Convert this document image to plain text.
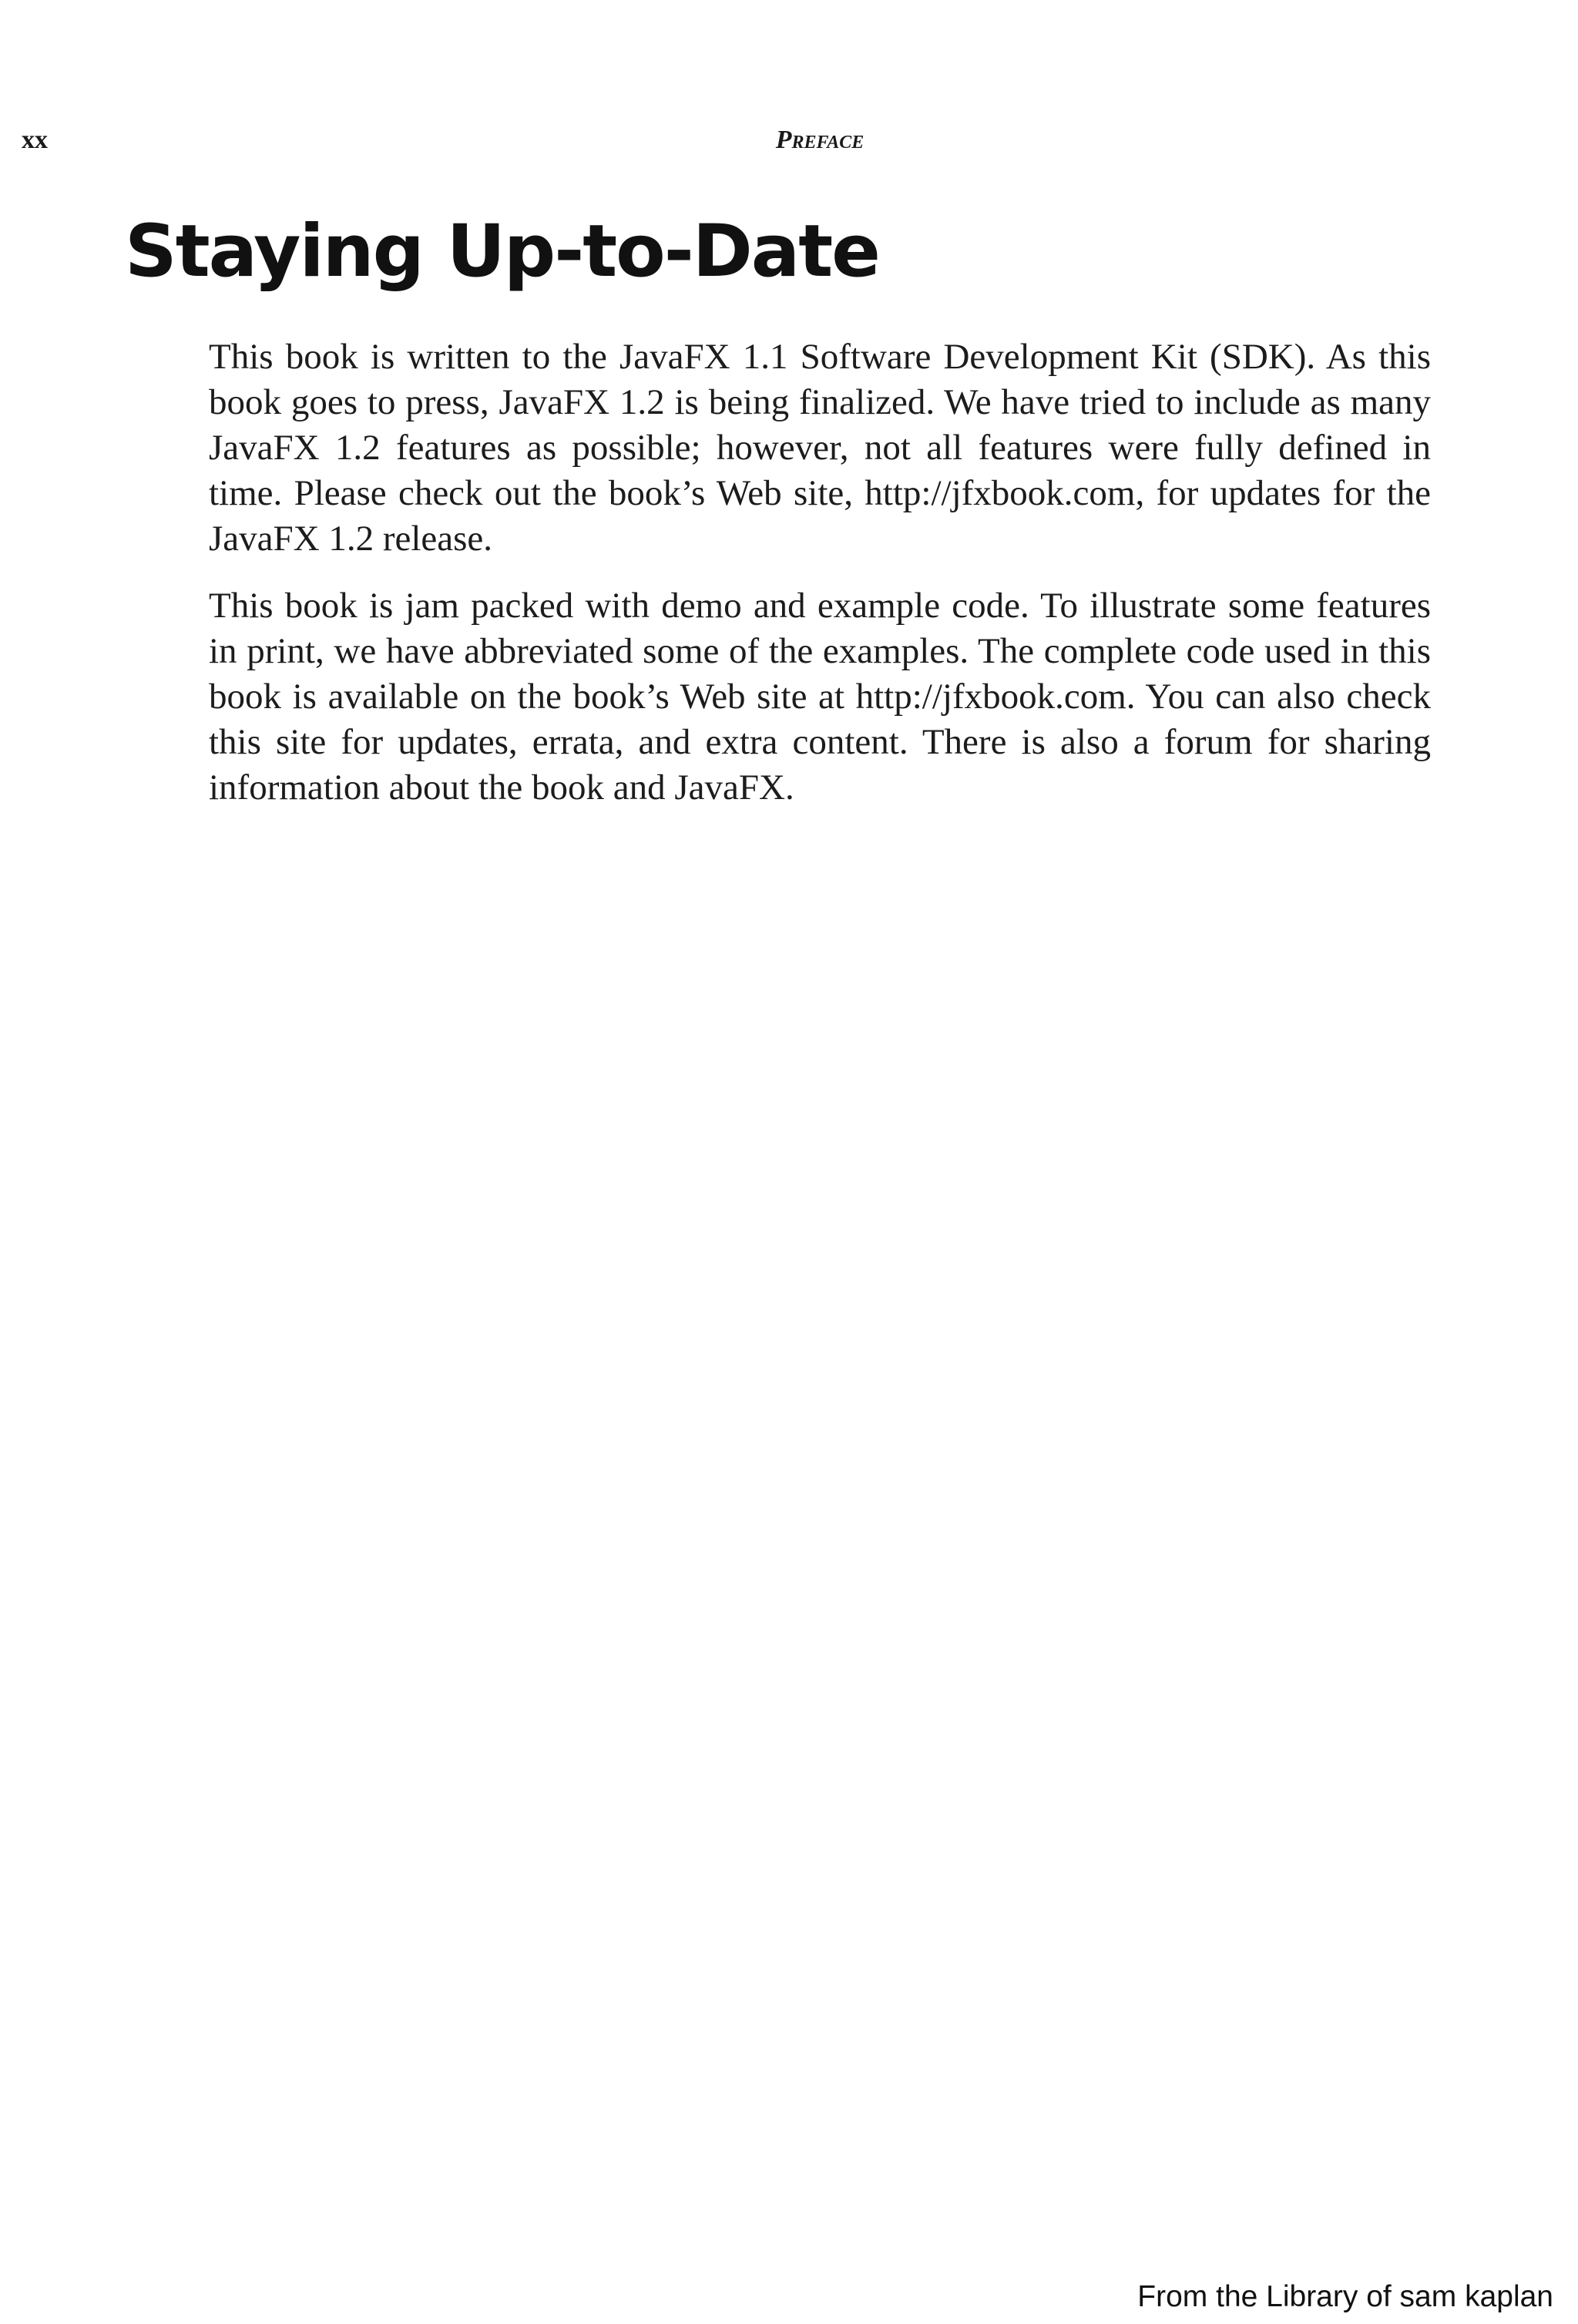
xx	Preface
Staying Up-to-Date

This book is written to the JavaFX 1.1 Software Development Kit (SDK). As this book goes to press, JavaFX 1.2 is being finalized. We have tried to include as many JavaFX 1.2 features as possible; however, not all features were fully defined in time. Please check out the book’s Web site, http://jfxbook.com, for updates for the JavaFX 1.2 release.

This book is jam packed with demo and example code. To illustrate some features in print, we have abbreviated some of the examples. The complete code used in this book is available on the book’s Web site at http://jfxbook.com. You can also check this site for updates, errata, and extra content. There is also a forum for sharing information about the book and JavaFX.

From the Library of sam kaplan
